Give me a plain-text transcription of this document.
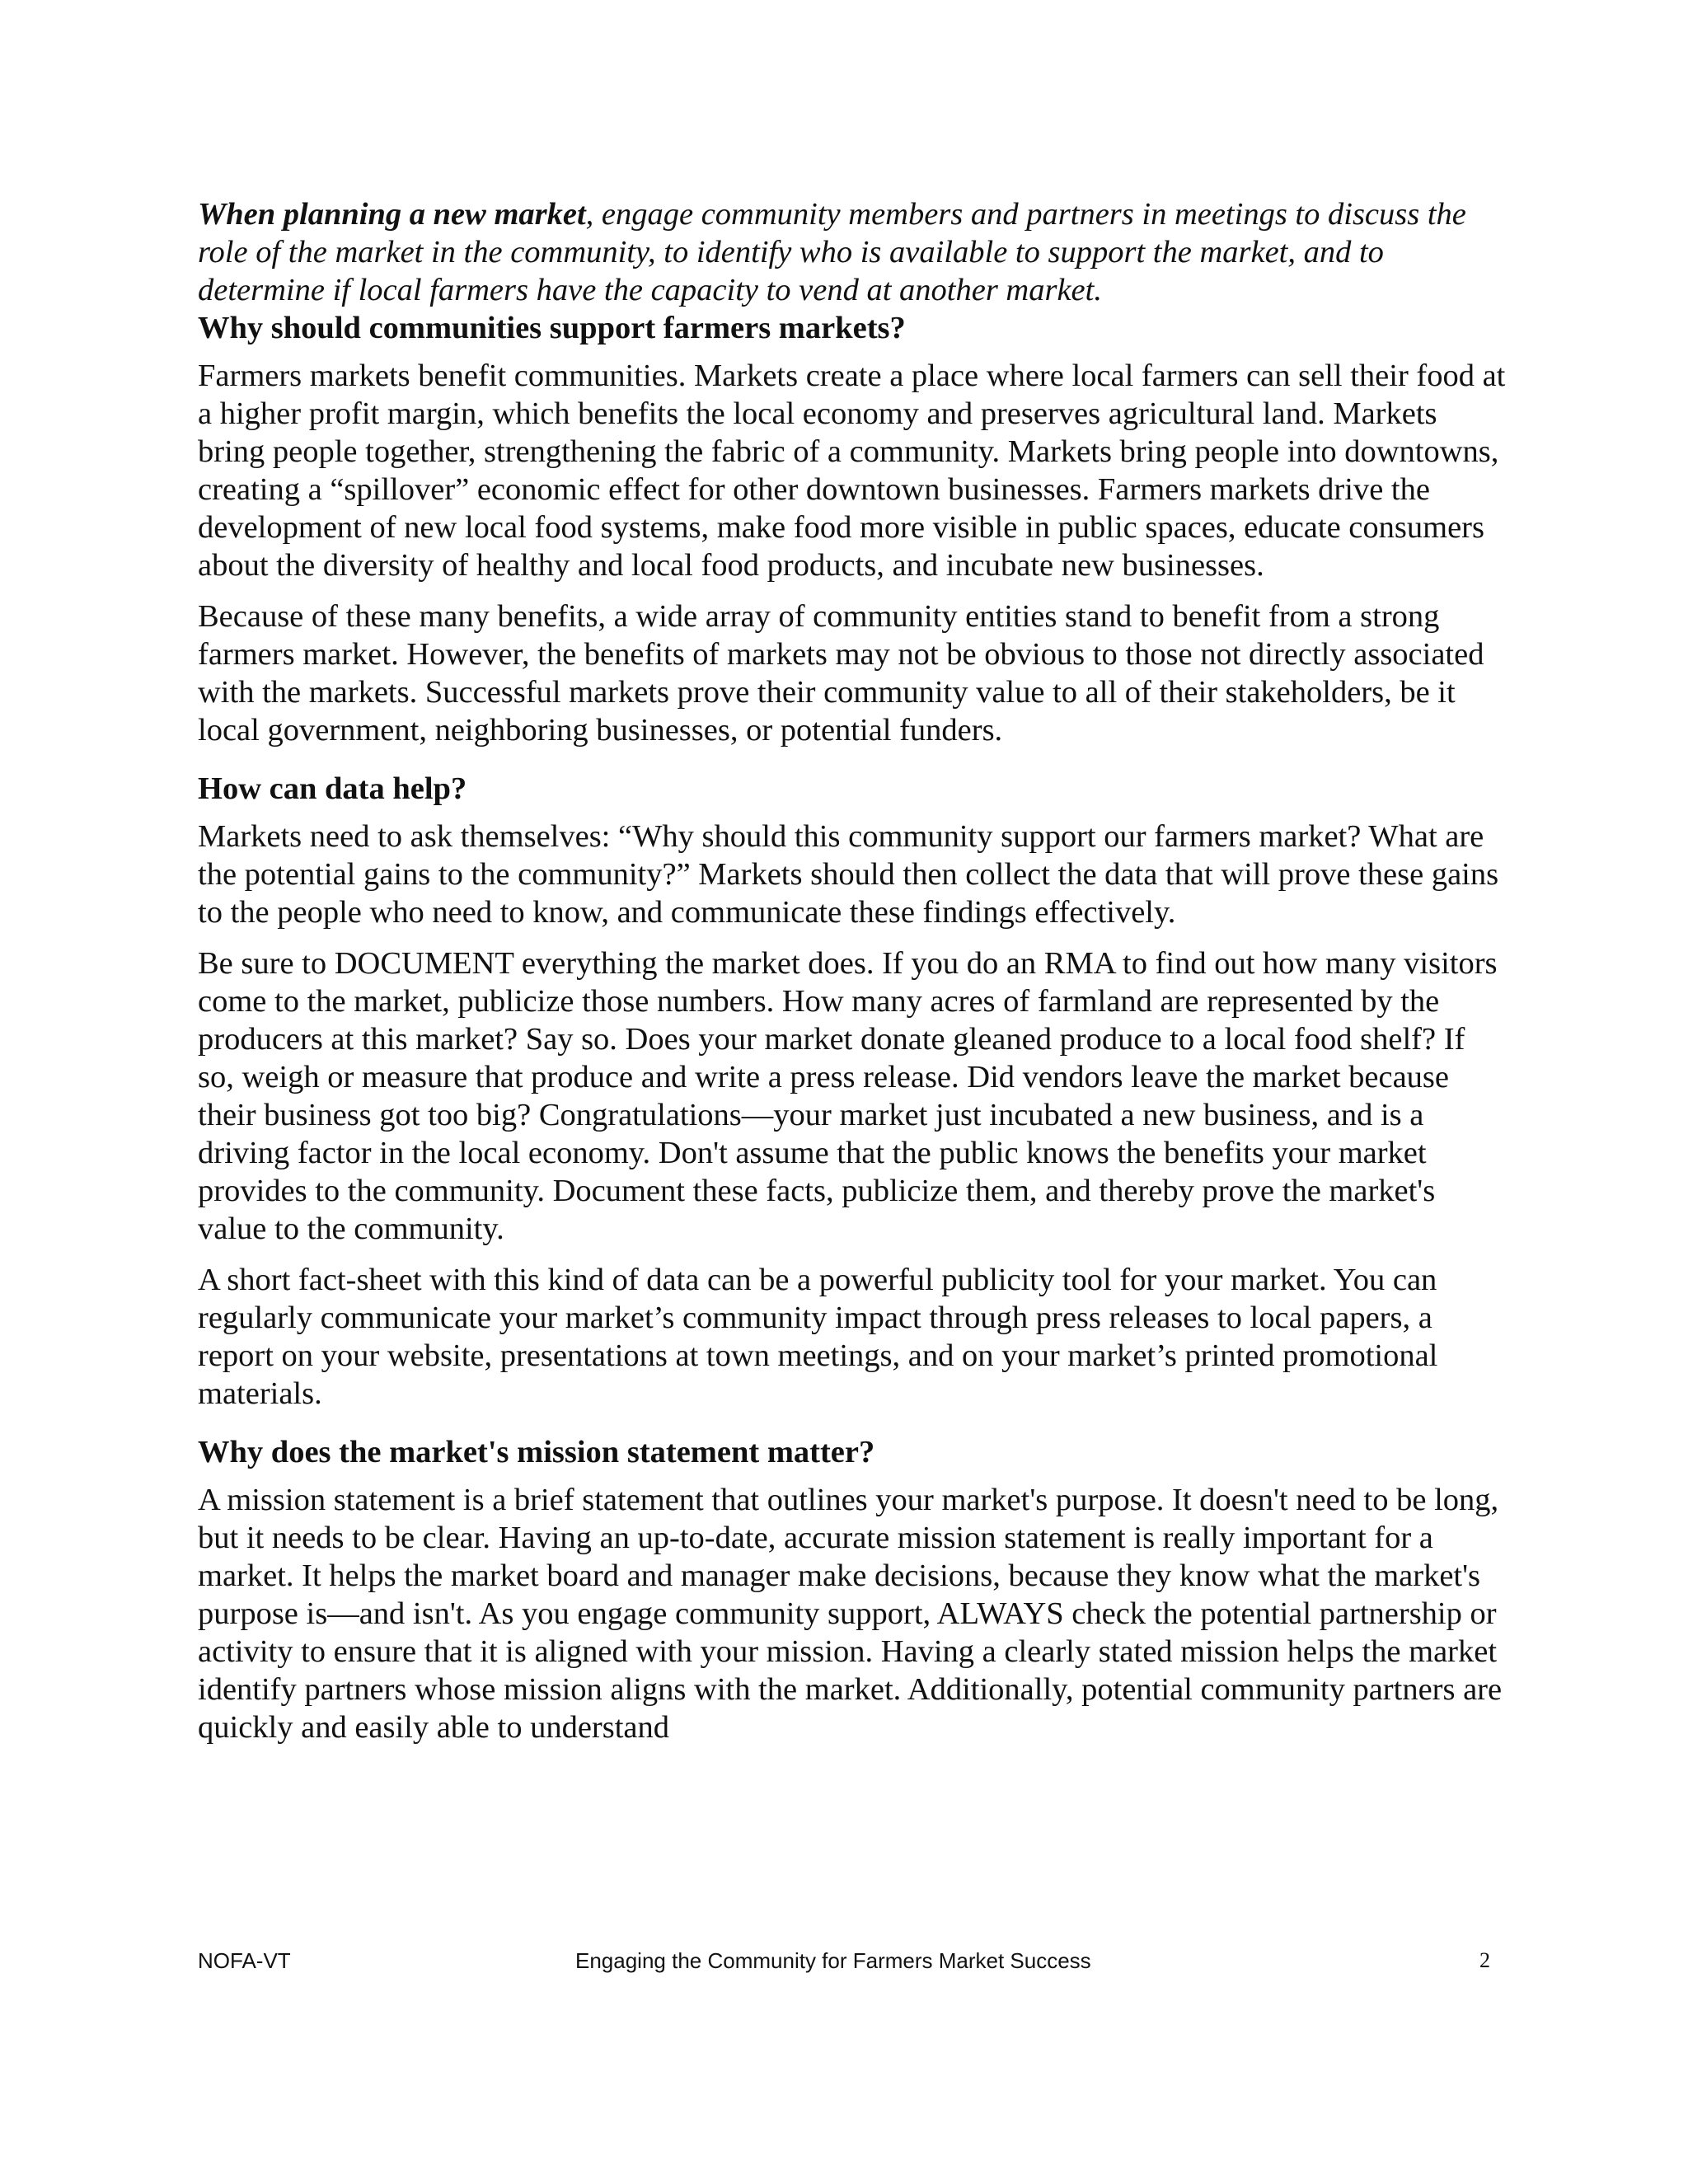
When planning a new market, engage community members and partners in meetings to discuss the role of the market in the community, to identify who is available to support the market, and to determine if local farmers have the capacity to vend at another market.

Why should communities support farmers markets?

Farmers markets benefit communities. Markets create a place where local farmers can sell their food at a higher profit margin, which benefits the local economy and preserves agricultural land. Markets bring people together, strengthening the fabric of a community. Markets bring people into downtowns, creating a “spillover” economic effect for other downtown businesses. Farmers markets drive the development of new local food systems, make food more visible in public spaces, educate consumers about the diversity of healthy and local food products, and incubate new businesses.

Because of these many benefits, a wide array of community entities stand to benefit from a strong farmers market. However, the benefits of markets may not be obvious to those not directly associated with the markets. Successful markets prove their community value to all of their stakeholders, be it local government, neighboring businesses, or potential funders.

How can data help?

Markets need to ask themselves: “Why should this community support our farmers market? What are the potential gains to the community?” Markets should then collect the data that will prove these gains to the people who need to know, and communicate these findings effectively.

Be sure to DOCUMENT everything the market does. If you do an RMA to find out how many visitors come to the market, publicize those numbers. How many acres of farmland are represented by the producers at this market? Say so. Does your market donate gleaned produce to a local food shelf? If so, weigh or measure that produce and write a press release. Did vendors leave the market because their business got too big? Congratulations—your market just incubated a new business, and is a driving factor in the local economy. Don't assume that the public knows the benefits your market provides to the community. Document these facts, publicize them, and thereby prove the market's value to the community.

A short fact-sheet with this kind of data can be a powerful publicity tool for your market. You can regularly communicate your market’s community impact through press releases to local papers, a report on your website, presentations at town meetings, and on your market’s printed promotional materials.

Why does the market's mission statement matter?

A mission statement is a brief statement that outlines your market's purpose. It doesn't need to be long, but it needs to be clear. Having an up-to-date, accurate mission statement is really important for a market. It helps the market board and manager make decisions, because they know what the market's purpose is—and isn't. As you engage community support, ALWAYS check the potential partnership or activity to ensure that it is aligned with your mission. Having a clearly stated mission helps the market identify partners whose mission aligns with the market. Additionally, potential community partners are quickly and easily able to understand

NOFA-VT	Engaging the Community for Farmers Market Success	2
